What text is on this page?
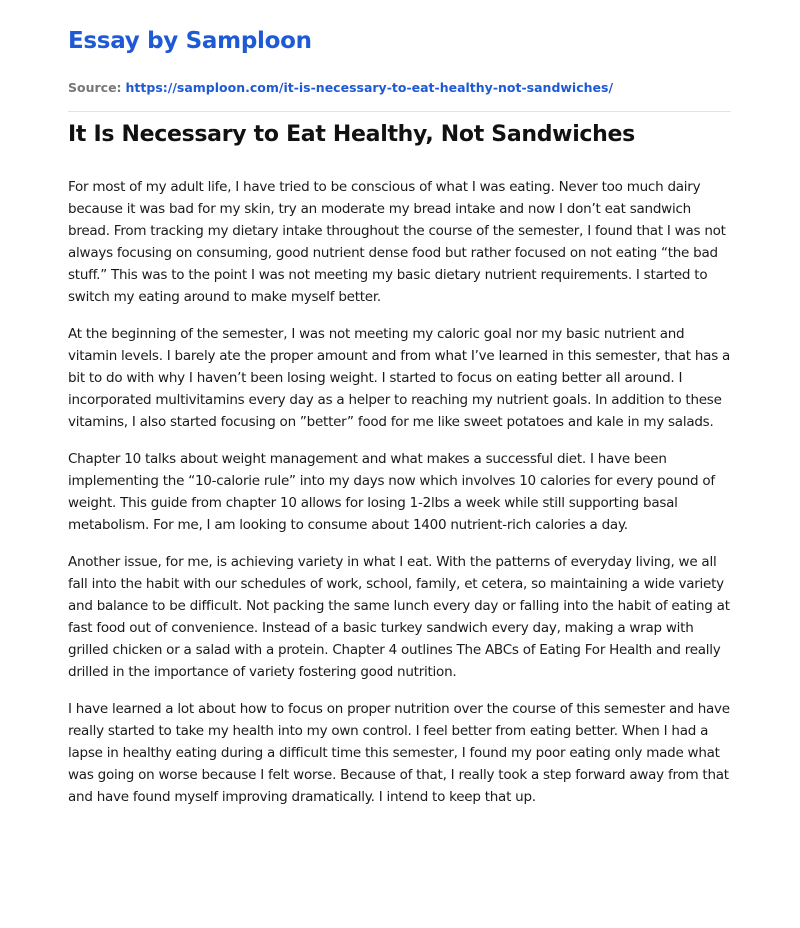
Essay by Samploon
Source: https://samploon.com/it-is-necessary-to-eat-healthy-not-sandwiches/
It Is Necessary to Eat Healthy, Not Sandwiches

For most of my adult life, I have tried to be conscious of what I was eating. Never too much dairy because it was bad for my skin, try an moderate my bread intake and now I don’t eat sandwich bread. From tracking my dietary intake throughout the course of the semester, I found that I was not always focusing on consuming, good nutrient dense food but rather focused on not eating “the bad stuff.” This was to the point I was not meeting my basic dietary nutrient requirements. I started to switch my eating around to make myself better.

At the beginning of the semester, I was not meeting my caloric goal nor my basic nutrient and vitamin levels. I barely ate the proper amount and from what I’ve learned in this semester, that has a bit to do with why I haven’t been losing weight. I started to focus on eating better all around. I incorporated multivitamins every day as a helper to reaching my nutrient goals. In addition to these vitamins, I also started focusing on ”better” food for me like sweet potatoes and kale in my salads.

Chapter 10 talks about weight management and what makes a successful diet. I have been implementing the “10-calorie rule” into my days now which involves 10 calories for every pound of weight. This guide from chapter 10 allows for losing 1-2lbs a week while still supporting basal metabolism. For me, I am looking to consume about 1400 nutrient-rich calories a day.

Another issue, for me, is achieving variety in what I eat. With the patterns of everyday living, we all fall into the habit with our schedules of work, school, family, et cetera, so maintaining a wide variety and balance to be difficult. Not packing the same lunch every day or falling into the habit of eating at fast food out of convenience. Instead of a basic turkey sandwich every day, making a wrap with grilled chicken or a salad with a protein. Chapter 4 outlines The ABCs of Eating For Health and really drilled in the importance of variety fostering good nutrition.

I have learned a lot about how to focus on proper nutrition over the course of this semester and have really started to take my health into my own control. I feel better from eating better. When I had a lapse in healthy eating during a difficult time this semester, I found my poor eating only made what was going on worse because I felt worse. Because of that, I really took a step forward away from that and have found myself improving dramatically. I intend to keep that up.
